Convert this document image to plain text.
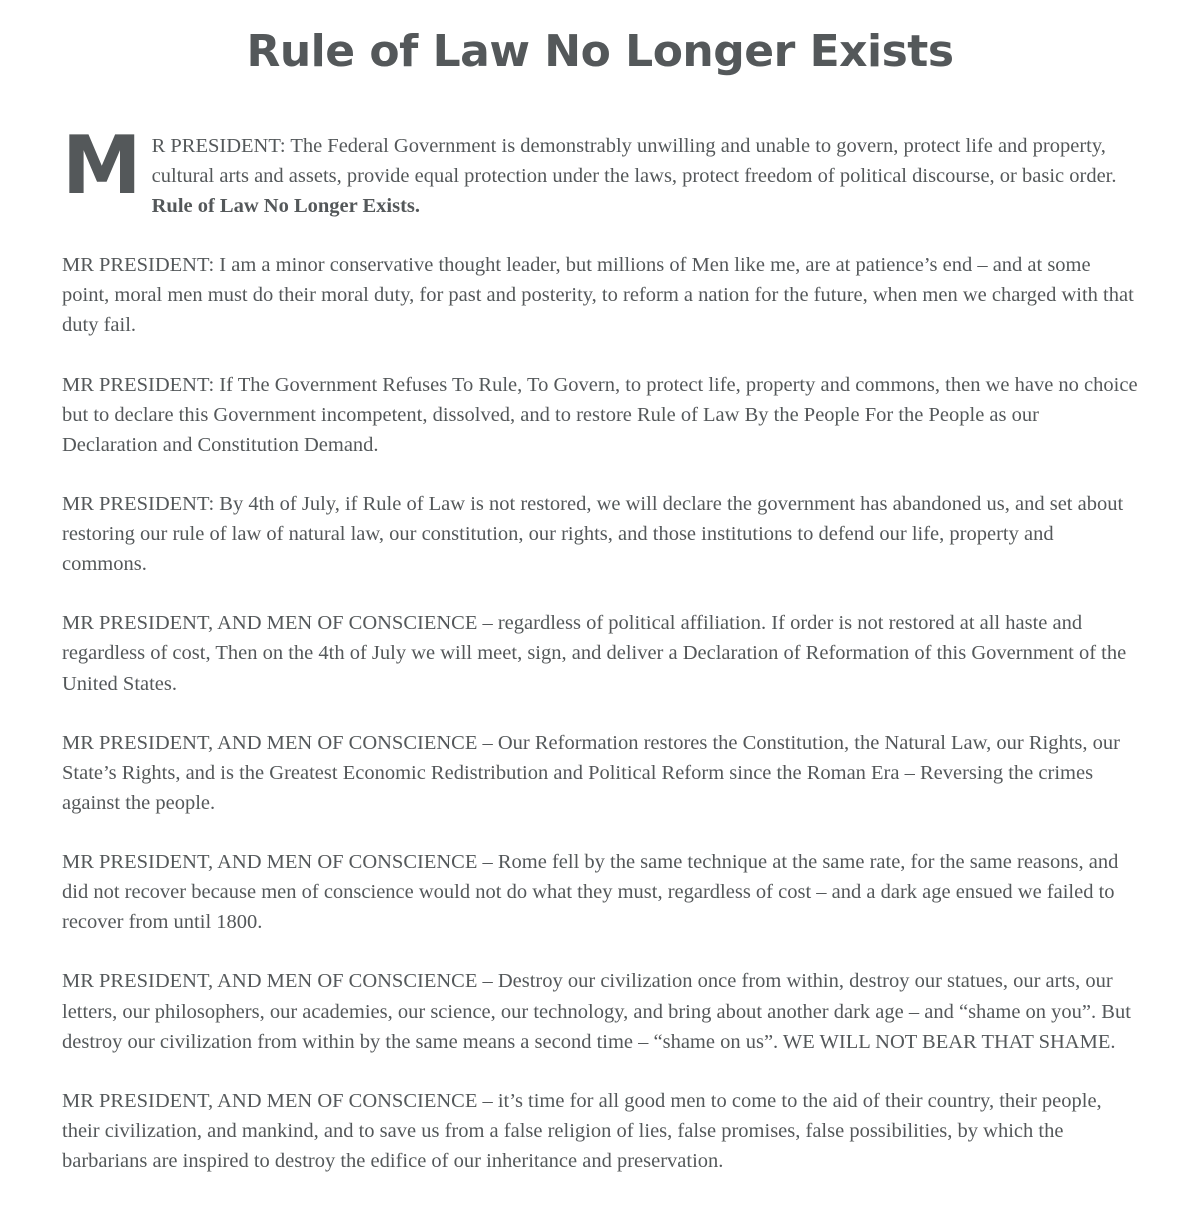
Rule of Law No Longer Exists

M R PRESIDENT: The Federal Government is demonstrably unwilling and unable to govern, protect life and property, cultural arts and assets, provide equal protection under the laws, protect freedom of political discourse, or basic order. Rule of Law No Longer Exists.

MR PRESIDENT: I am a minor conservative thought leader, but millions of Men like me, are at patience’s end – and at some point, moral men must do their moral duty, for past and posterity, to reform a nation for the future, when men we charged with that duty fail.

MR PRESIDENT: If The Government Refuses To Rule, To Govern, to protect life, property and commons, then we have no choice but to declare this Government incompetent, dissolved, and to restore Rule of Law By the People For the People as our Declaration and Constitution Demand.

MR PRESIDENT: By 4th of July, if Rule of Law is not restored, we will declare the government has abandoned us, and set about restoring our rule of law of natural law, our constitution, our rights, and those institutions to defend our life, property and commons.

MR PRESIDENT, AND MEN OF CONSCIENCE – regardless of political affiliation. If order is not restored at all haste and regardless of cost, Then on the 4th of July we will meet, sign, and deliver a Declaration of Reformation of this Government of the United States.

MR PRESIDENT, AND MEN OF CONSCIENCE – Our Reformation restores the Constitution, the Natural Law, our Rights, our State’s Rights, and is the Greatest Economic Redistribution and Political Reform since the Roman Era – Reversing the crimes against the people.

MR PRESIDENT, AND MEN OF CONSCIENCE – Rome fell by the same technique at the same rate, for the same reasons, and did not recover because men of conscience would not do what they must, regardless of cost – and a dark age ensued we failed to recover from until 1800.

MR PRESIDENT, AND MEN OF CONSCIENCE – Destroy our civilization once from within, destroy our statues, our arts, our letters, our philosophers, our academies, our science, our technology, and bring about another dark age – and “shame on you”. But destroy our civilization from within by the same means a second time – “shame on us”. WE WILL NOT BEAR THAT SHAME.

MR PRESIDENT, AND MEN OF CONSCIENCE – it’s time for all good men to come to the aid of their country, their people, their civilization, and mankind, and to save us from a false religion of lies, false promises, false possibilities, by which the barbarians are inspired to destroy the edifice of our inheritance and preservation.
